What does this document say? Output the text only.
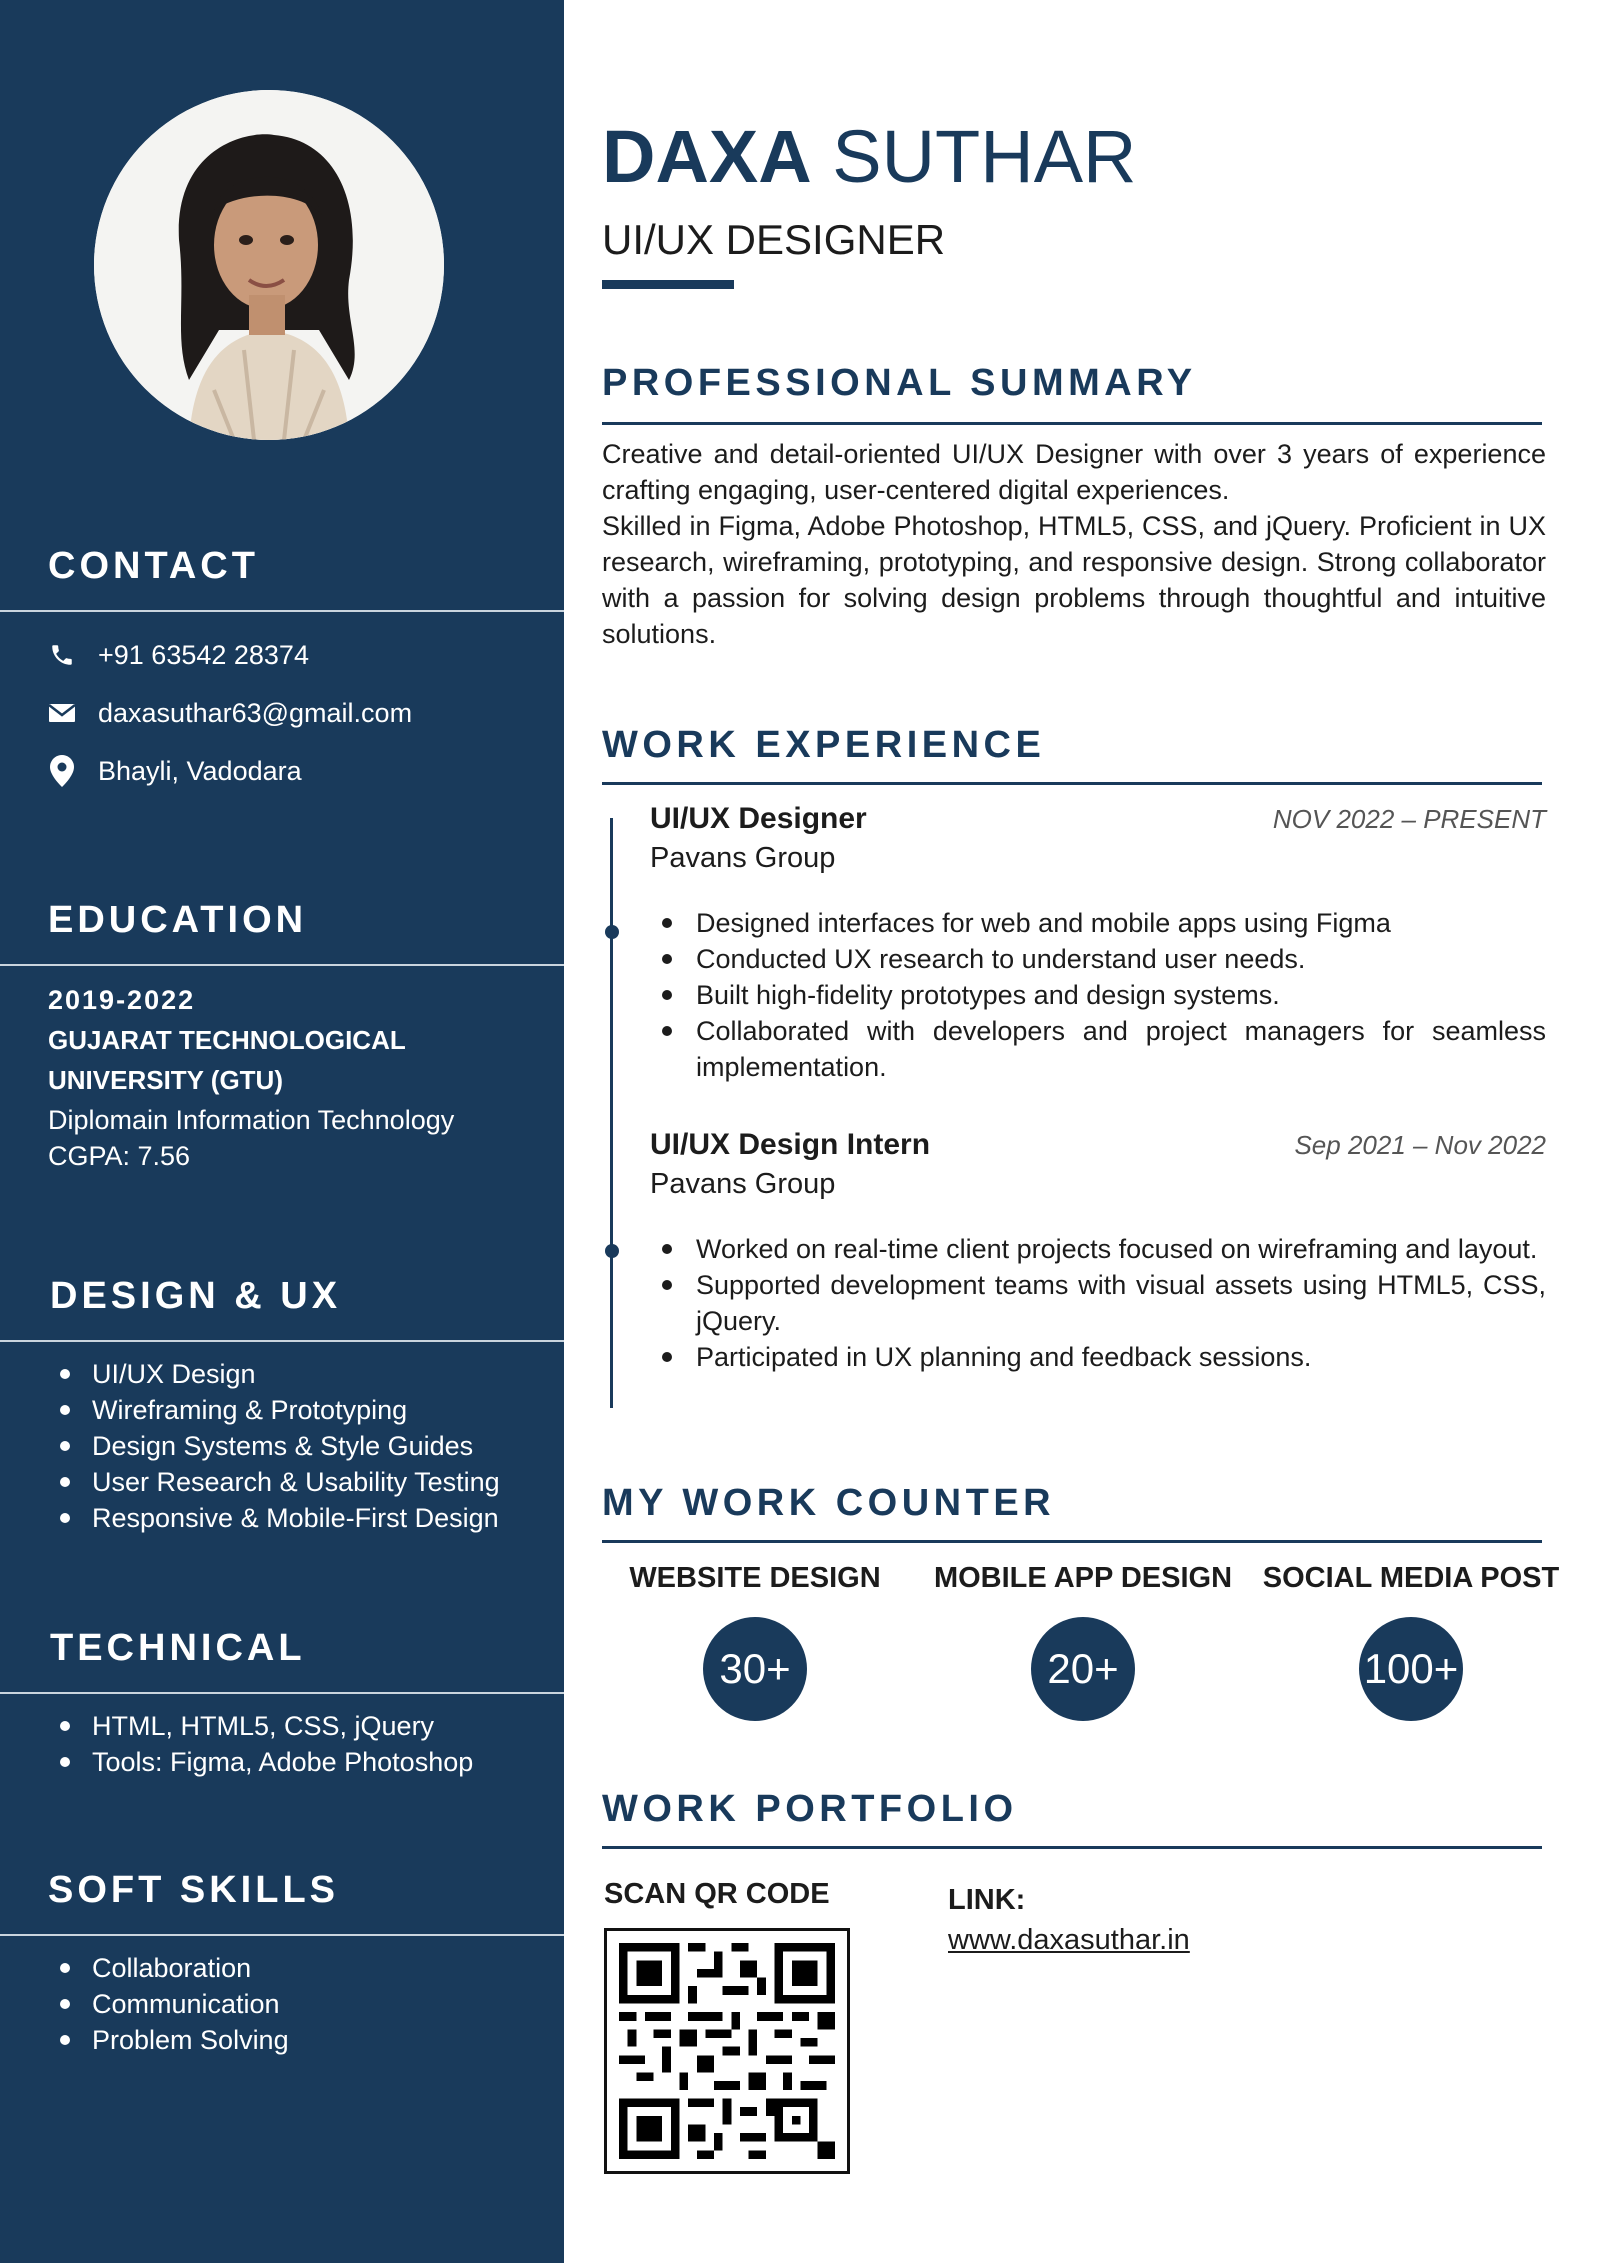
CONTACT
+91 63542 28374
daxasuthar63@gmail.com
Bhayli, Vadodara
EDUCATION
2019-2022
GUJARAT TECHNOLOGICAL
UNIVERSITY (GTU)
Diplomain Information Technology
CGPA: 7.56
DESIGN & UX
UI/UX Design
Wireframing & Prototyping
Design Systems & Style Guides
User Research & Usability Testing
Responsive & Mobile-First Design
TECHNICAL
HTML, HTML5, CSS, jQuery
Tools: Figma, Adobe Photoshop
SOFT SKILLS
Collaboration
Communication
Problem Solving
DAXA SUTHAR
UI/UX DESIGNER
PROFESSIONAL SUMMARY

Creative and detail-oriented UI/UX Designer with over 3 years of experience crafting engaging, user-centered digital experiences.

Skilled in Figma, Adobe Photoshop, HTML5, CSS, and jQuery. Proficient in UX research, wireframing, prototyping, and responsive design. Strong collaborator with a passion for solving design problems through thoughtful and intuitive solutions.

WORK EXPERIENCE
UI/UX Designer	NOV 2022 – PRESENT
Pavans Group
Designed interfaces for web and mobile apps using Figma
Conducted UX research to understand user needs.
Built high-fidelity prototypes and design systems.
Collaborated with developers and project managers for seamless implementation.
UI/UX Design Intern	Sep 2021 – Nov 2022
Pavans Group
Worked on real-time client projects focused on wireframing and layout.
Supported development teams with visual assets using HTML5, CSS, jQuery.
Participated in UX planning and feedback sessions.
MY WORK COUNTER
WEBSITE DESIGN
30+
MOBILE APP DESIGN
20+
SOCIAL MEDIA POST
100+
WORK PORTFOLIO
SCAN QR CODE	LINK:
www.daxasuthar.in
